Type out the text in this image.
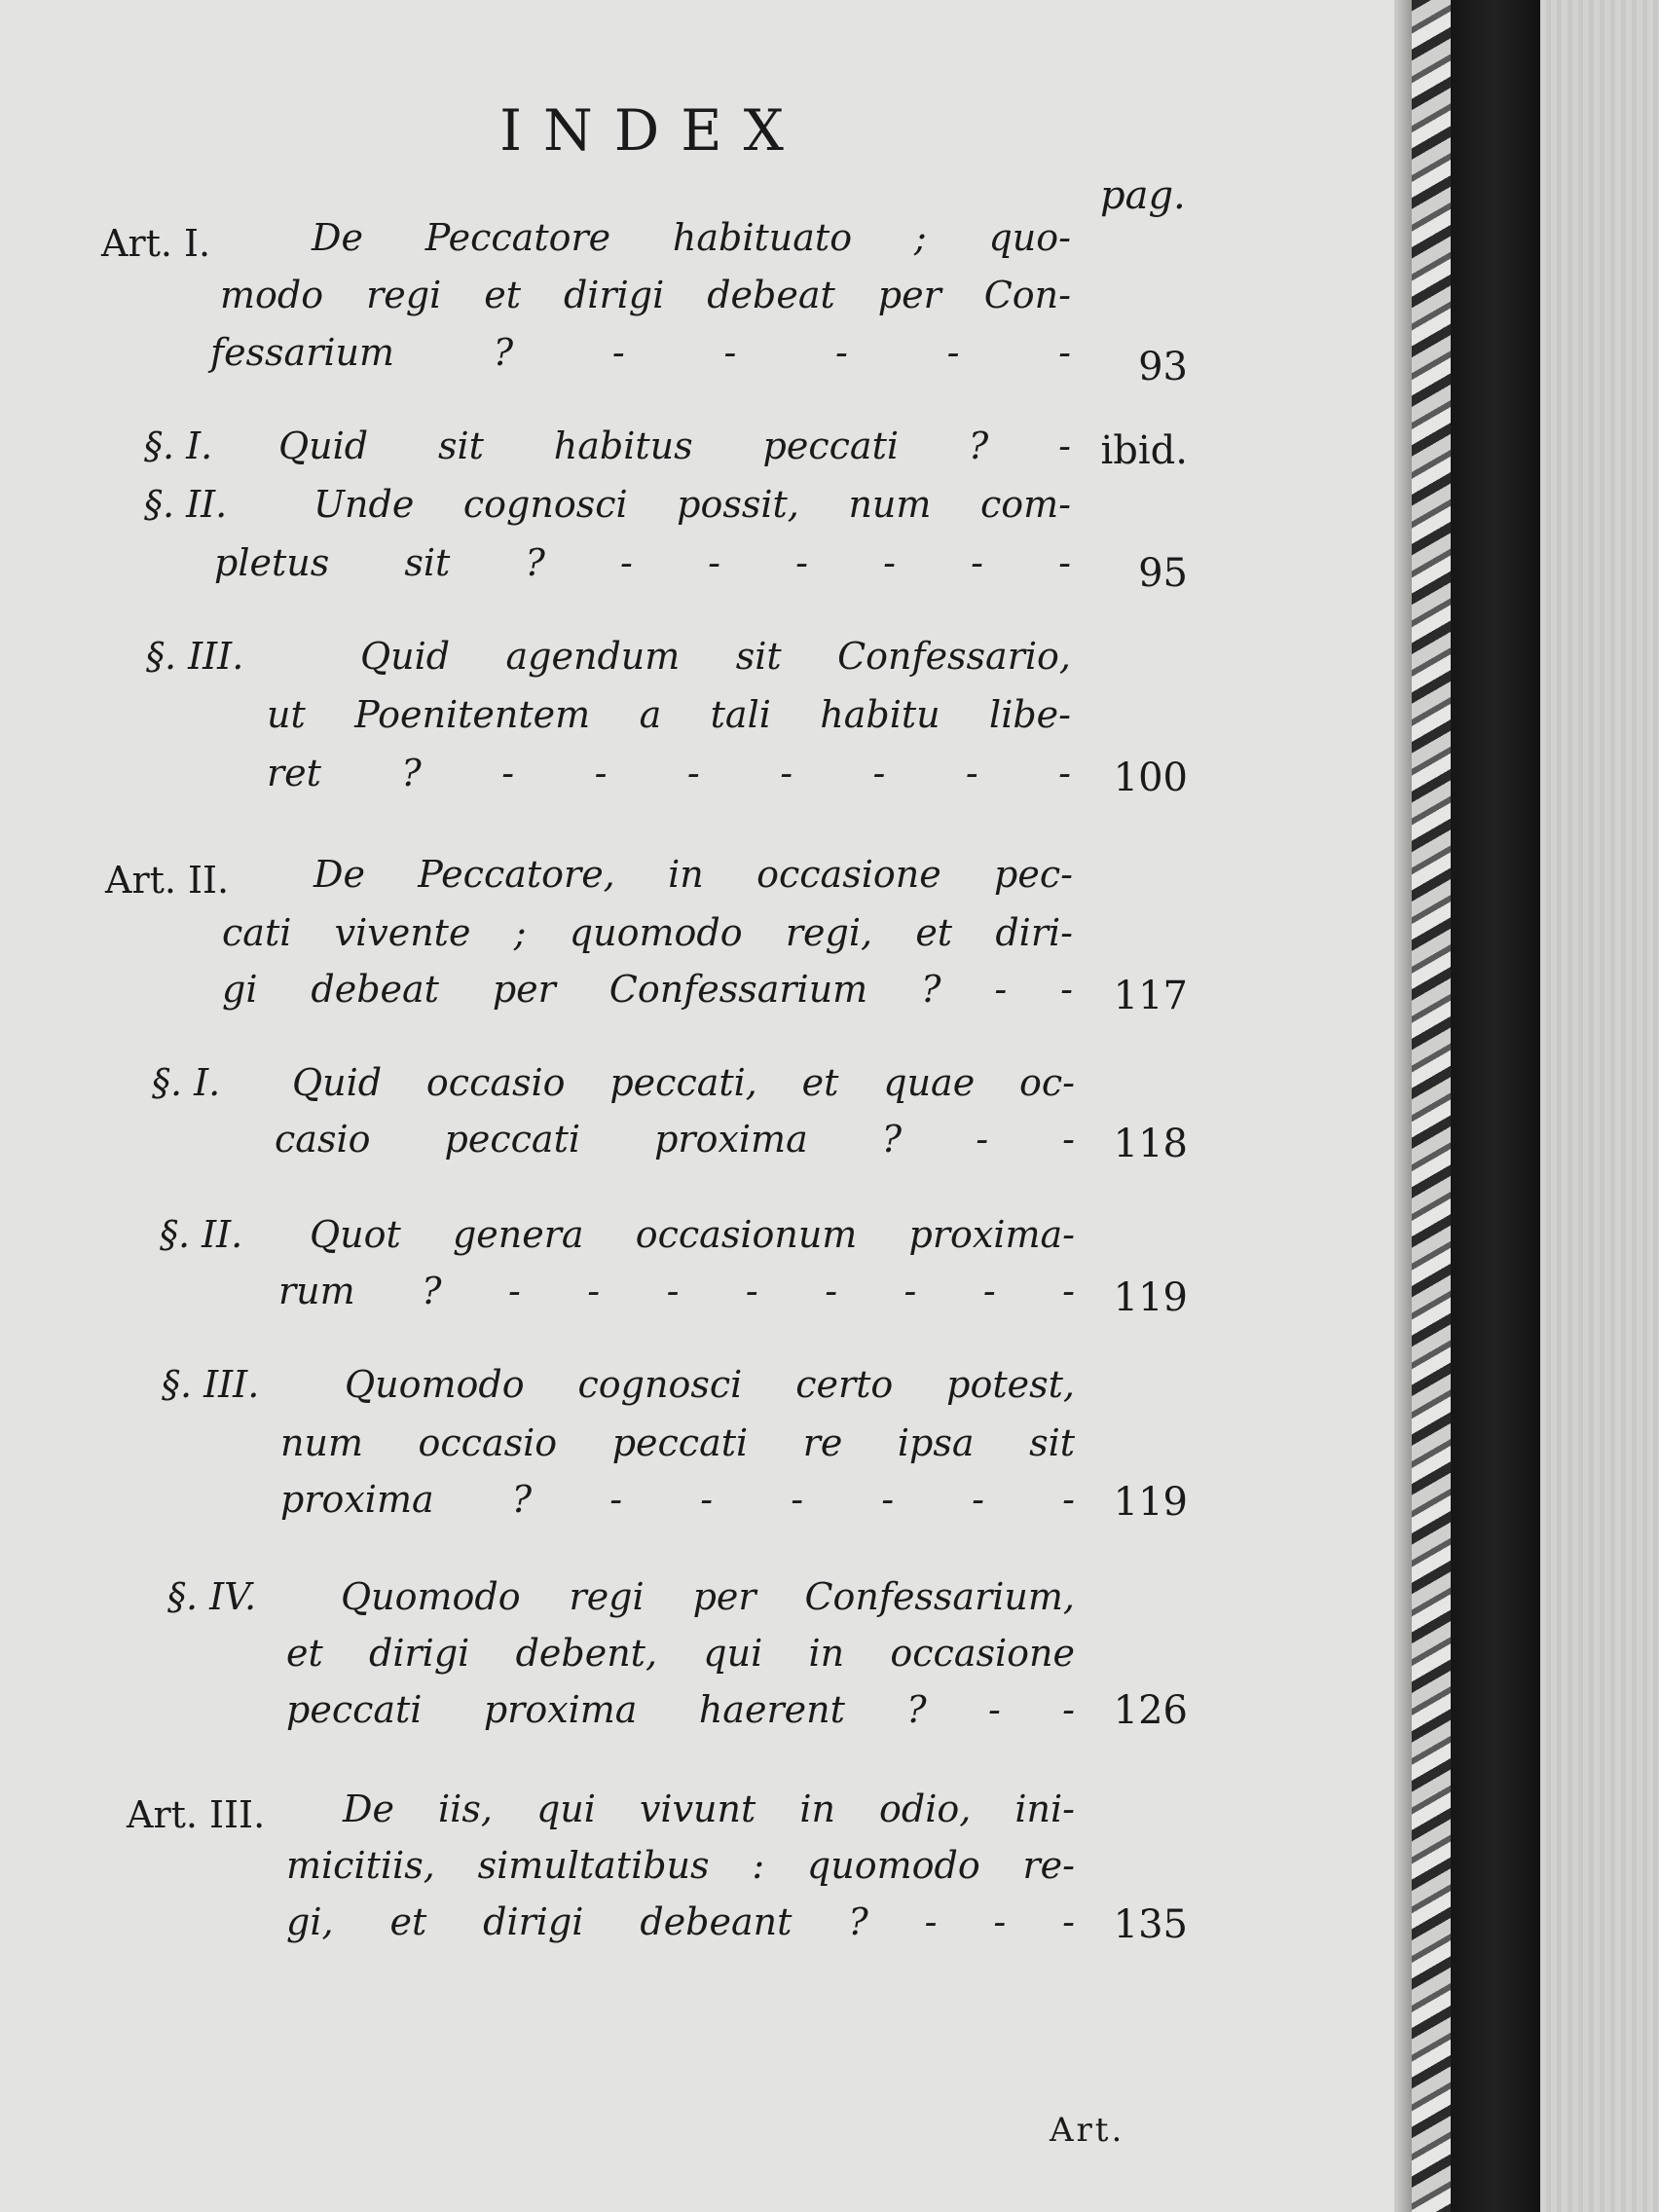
INDEX
pag.
Art. I.	De Peccatore habituato ; quo-
modo regi et dirigi debeat per Con-
fessarium ? - - - - -	93
§. I. Quid sit habitus peccati ? - ibid.
§. II. Unde cognosci possit, num com-
pletus sit ? - - - - - -	95
§. III.	Quid agendum sit Confessario,
ut Poenitentem a tali habitu libe-
ret ? - - - - - - -	100
Art. II. De Peccatore, in occasione pec-
cati vivente ; quomodo regi, et diri-
gi debeat per Confessarium ? - -	117
§. I. Quid occasio peccati, et quae oc-
casio peccati proxima ? - - 118
§. II. Quot genera occasionum proxima-
rum ? - - - - - - - - 119
§. III. Quomodo cognosci certo potest,
num occasio peccati re ipsa sit
proxima ? - - - - - - 119
§. IV. Quomodo regi per Confessarium,
et dirigi debent, qui in occasione
peccati proxima haerent ? - - 126
Art. III. De iis, qui vivunt in odio, ini-
micitiis, simultatibus : quomodo re-
gi, et dirigi debeant ? - - - 135
Art.
